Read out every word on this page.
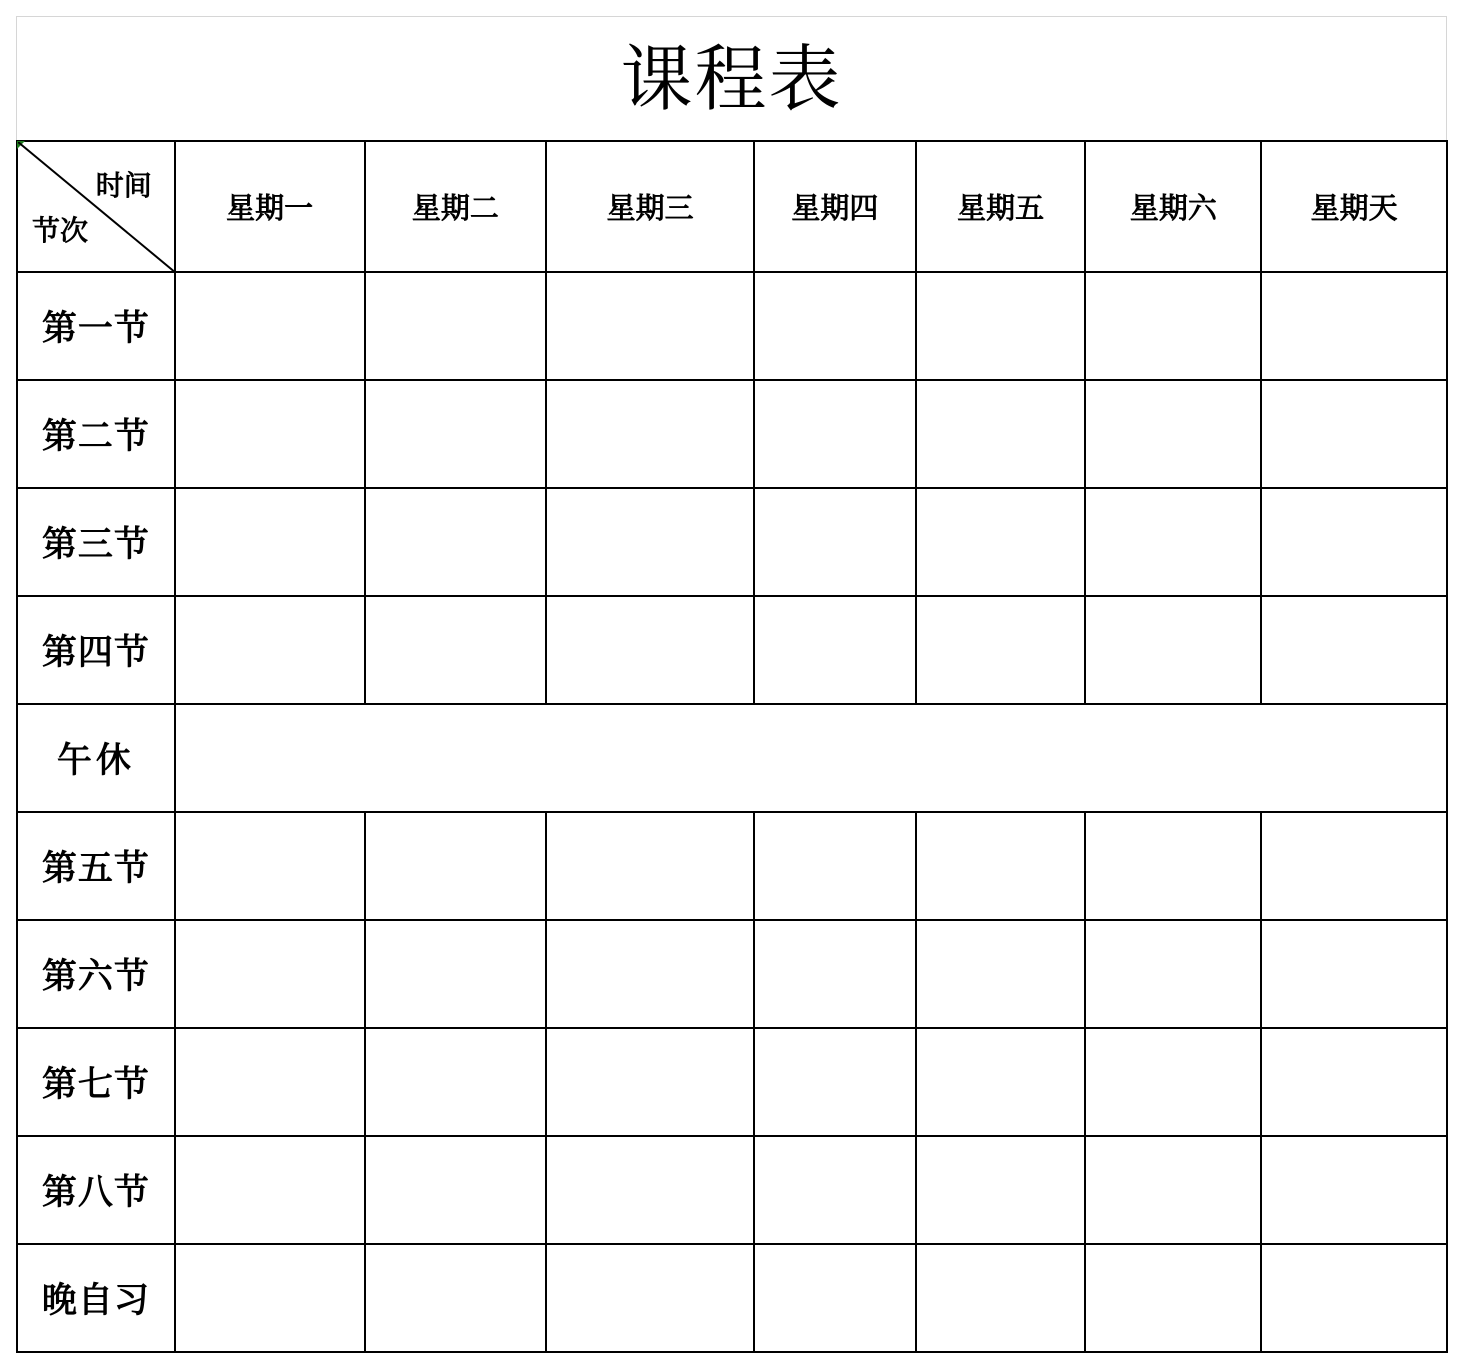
课程表
时间
节次	星期一	星期二	星期三	星期四	星期五	星期六	星期天
第一节							
第二节							
第三节							
第四节							
午休							
第五节							
第六节							
第七节							
第八节							
晚自习							
